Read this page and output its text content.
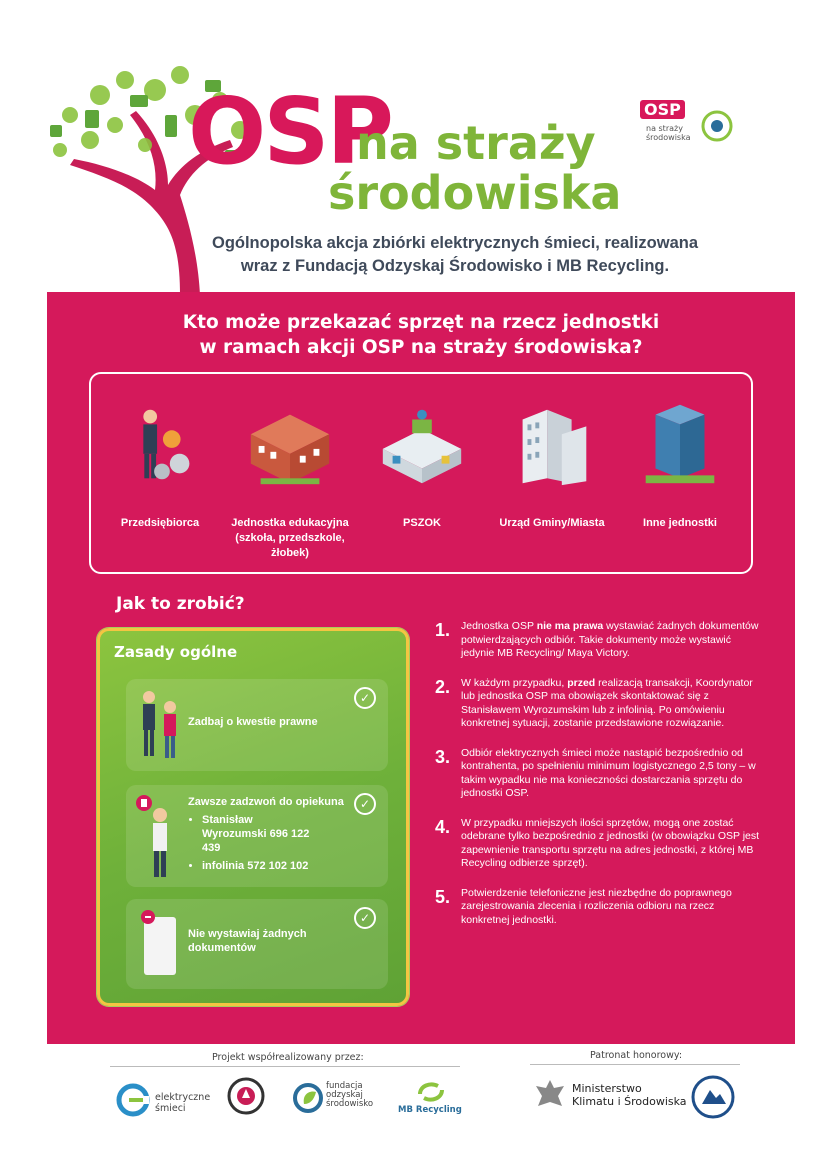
OSP
na straży
środowiska
OSP
na straży środowiska
Ogólnopolska akcja zbiórki elektrycznych śmieci, realizowana
wraz z Fundacją Odzyskaj Środowisko i MB Recycling.
Kto może przekazać sprzęt na rzecz jednostki
w ramach akcji OSP na straży środowiska?
Przedsiębiorca	Jednostka edukacyjna (szkoła, przedszkole, żłobek)
PSZOK	Urząd Gminy/Miasta	Inne jednostki
Jak to zrobić?
Zasady ogólne
Zadbaj o kwestie prawne
✓
Zawsze zadzwoń do opiekuna
• Stanisław Wyrozumski 696 122 439
• infolinia 572 102 102
✓
Nie wystawiaj żadnych dokumentów
✓
1. Jednostka OSP nie ma prawa wystawiać żadnych dokumentów potwierdzających odbiór. Takie dokumenty może wystawić jedynie MB Recycling/ Maya Victory.
2. W każdym przypadku, przed realizacją transakcji, Koordynator lub jednostka OSP ma obowiązek skontaktować się z Stanisławem Wyrozumskim lub z infolinią. Po omówieniu konkretnej sytuacji, zostanie przedstawione rozwiązanie.
3. Odbiór elektrycznych śmieci może nastąpić bezpośrednio od kontrahenta, po spełnieniu minimum logistycznego 2,5 tony – w takim wypadku nie ma konieczności dostarczania sprzętu do jednostki OSP.
4. W przypadku mniejszych ilości sprzętów, mogą one zostać odebrane tylko bezpośrednio z jednostki (w obowiązku OSP jest zapewnienie transportu sprzętu na adres jednostki, z której MB Recycling odbierze sprzęt).
5. Potwierdzenie telefoniczne jest niezbędne do poprawnego zarejestrowania zlecenia i rozliczenia odbioru na rzecz konkretnej jednostki.
Projekt współrealizowany przez:	Patronat honorowy:
elektryczne śmieci
fundacja odzyskaj środowisko
MB Recycling
Ministerstwo
Klimatu i Środowiska
